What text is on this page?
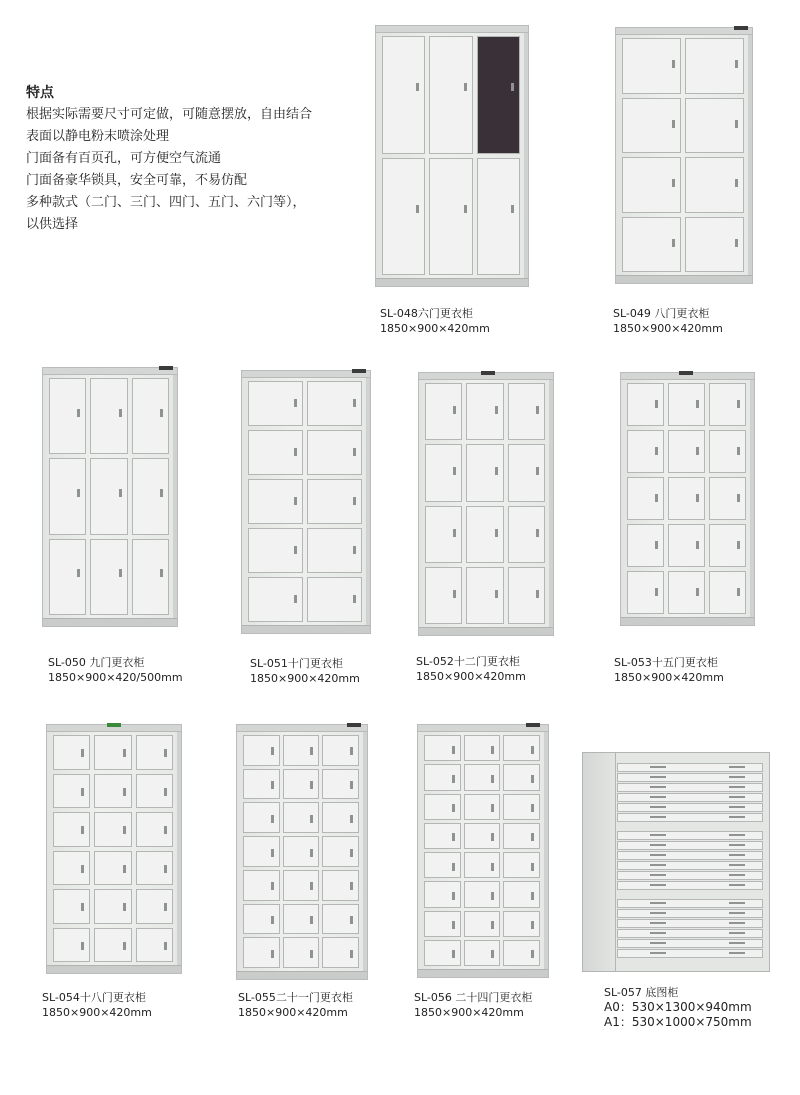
特点
根据实际需要尺寸可定做，可随意摆放，自由结合
表面以静电粉末喷涂处理
门面备有百页孔，可方便空气流通
门面备豪华锁具，安全可靠，不易仿配
多种款式（二门、三门、四门、五门、六门等），
以供选择
SL-048六门更衣柜
1850×900×420mm
SL-049 八门更衣柜
1850×900×420mm
SL-050 九门更衣柜
1850×900×420/500mm
SL-051十门更衣柜
1850×900×420mm
SL-052十二门更衣柜
1850×900×420mm
SL-053十五门更衣柜
1850×900×420mm
SL-054十八门更衣柜
1850×900×420mm
SL-055二十一门更衣柜
1850×900×420mm
SL-056 二十四门更衣柜
1850×900×420mm
SL-057 底图柜
A0：530×1300×940mm
A1：530×1000×750mm
